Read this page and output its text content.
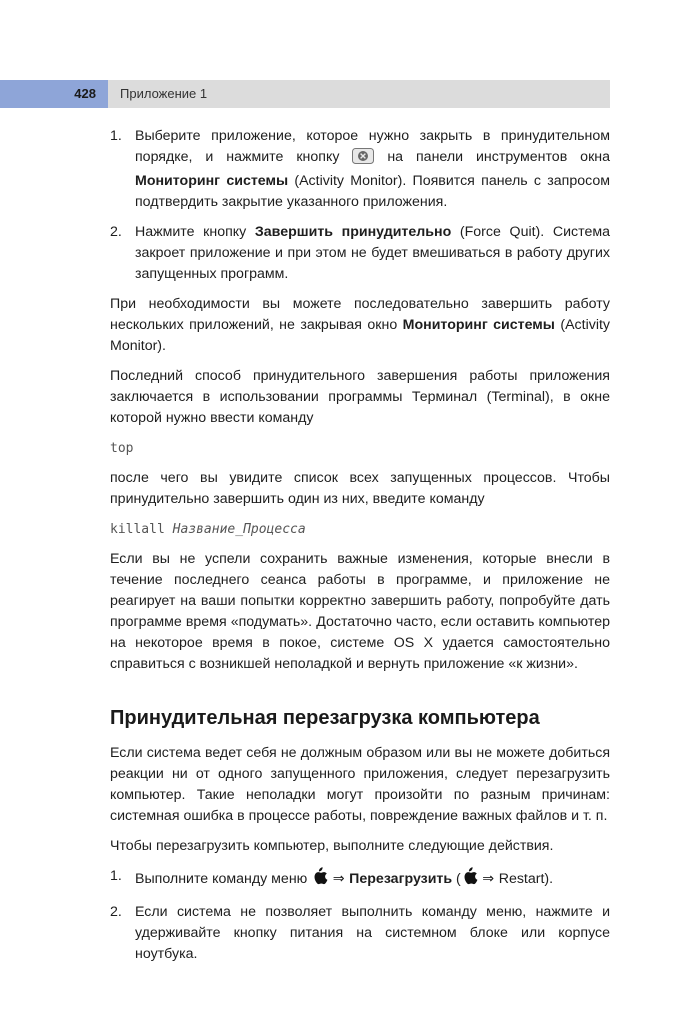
428 Приложение 1
1. Выберите приложение, которое нужно закрыть в принудительном порядке, и нажмите кнопку  на панели инструментов окна Мониторинг системы (Activity Monitor). Появится панель с запросом подтвердить закрытие указанного приложения.
2. Нажмите кнопку Завершить принудительно (Force Quit). Система закроет приложение и при этом не будет вмешиваться в работу других запущенных программ.

При необходимости вы можете последовательно завершить работу нескольких приложений, не закрывая окно Мониторинг системы (Activity Monitor).

Последний способ принудительного завершения работы приложения заключается в использовании программы Терминал (Terminal), в окне которой нужно ввести команду

top

после чего вы увидите список всех запущенных процессов. Чтобы принудительно завершить один из них, введите команду

killall Название_Процесса

Если вы не успели сохранить важные изменения, которые внесли в течение последнего сеанса работы в программе, и приложение не реагирует на ваши попытки корректно завершить работу, попробуйте дать программе время «подумать». Достаточно часто, если оставить компьютер на некоторое время в покое, системе OS X удается самостоятельно справиться с возникшей неполадкой и вернуть приложение «к жизни».

Принудительная перезагрузка компьютера

Если система ведет себя не должным образом или вы не можете добиться реакции ни от одного запущенного приложения, следует перезагрузить компьютер. Такие неполадки могут произойти по разным причинам: системная ошибка в процессе работы, повреждение важных файлов и т. п.

Чтобы перезагрузить компьютер, выполните следующие действия.

1. Выполните команду меню  ⇒ Перезагрузить ( ⇒ Restart).
2. Если система не позволяет выполнить команду меню, нажмите и удерживайте кнопку питания на системном блоке или корпусе ноутбука.
